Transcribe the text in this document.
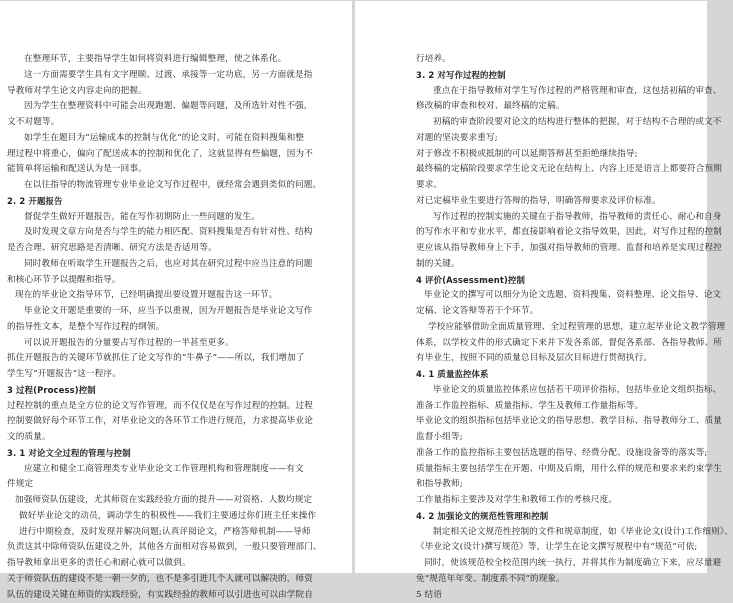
在整理环节，主要指导学生如何将资料进行编辑整理，使之体系化。
这一方面需要学生具有文字理顺、过渡、承接等一定功底，另一方面就是指
导教师对学生论文内容走向的把握。
因为学生在整理资料中可能会出现跑题、偏题等问题，及所选针对性不强，
文不对题等。
如学生在题目为“运输成本的控制与优化”的论文时，可能在资料搜集和整
理过程中将重心，偏向了配送成本的控制和优化了，这就显得有些偏题，因为不
能简单将运输和配送认为是一回事。
在以往指导的物流管理专业毕业论文写作过程中，就经常会遇到类似的问题。
2. 2 开题报告
督促学生做好开题报告，能在写作初期防止一些问题的发生。
及时发现文章方向是否与学生的能力相匹配、资料搜集是否有针对性、结构
是否合理、研究思路是否清晰、研究方法是否适用等。
同时教师在听取学生开题报告之后，也应对其在研究过程中应当注意的问题
和核心环节予以提醒和指导。
现在的毕业论文指导环节，已经明确提出要设置开题报告这一环节。
毕业论文开题是重要的一环，应当予以重视，因为开题报告是毕业论文写作
的指导性文本，是整个写作过程的纲领。
可以说开题报告的分量要占写作过程的一半甚至更多。
抓住开题报告的关键环节就抓住了论文写作的“牛鼻子”——所以，我们增加了
学生写“开题报告”这一程序。
3 过程(Process)控制
过程控制的重点是全方位的论文写作管理，而不仅仅是在写作过程的控制。过程
控制要做好每个环节工作，对毕业论文的各环节工作进行规范，力求提高毕业论
文的质量。
3. 1 对论文全过程的管理与控制
应建立和健全工商管理类专业毕业论文工作管理机构和管理制度——有文
件规定
加强师资队伍建设，尤其师资在实践经验方面的提升——对资格、人数均规定
做好毕业论文的动员，调动学生的积极性——我们主要通过你们班主任来操作
进行中期检查，及时发现并解决问题;认真评阅论文，严格答辩机制——导师
负责这其中除师资队伍建设之外，其他各方面相对容易做到，一般只要管理部门、
指导教师拿出更多的责任心和耐心就可以做到。
关于师资队伍的建设不是一朝一夕的，也不是多引进几个人就可以解决的，师资
队伍的建设关键在师资的实践经验，有实践经验的教师可以引进也可以由学院自
行培养。
3. 2 对写作过程的控制
重点在于指导教师对学生写作过程的严格管理和审查，这包括初稿的审查、
修改稿的审查和校对、最终稿的定稿。
初稿的审查阶段要对论文的结构进行整体的把握，对于结构不合理的或文不
对题的坚决要求重写;
对于修改不积极或抵制的可以延期答辩甚至拒绝继续指导;
最终稿的定稿阶段要求学生论文无论在结构上、内容上还是语言上都要符合预期
要求。
对已定稿毕业生要进行答辩的指导，明确答辩要求及评价标准。
写作过程的控制实施的关键在于指导教师，指导教师的责任心、耐心和自身
的写作水平和专业水平，都直接影响着论文指导效果，因此，对写作过程的控制
更应该从指导教师身上下手，加强对指导教师的管理、监督和培养是实现过程控
制的关键。
4 评价(Assessment)控制
毕业论文的撰写可以细分为论文选题、资料搜集、资料整理、论文指导、论文
定稿、论文答辩等若干个环节。
学校应能够借助全面质量管理、全过程管理的思想，建立起毕业论文教学管理
体系，以学校文件的形式确定下来并下发各系部，督促各系部、各指导教师、所
有毕业生，按照不同的质量总目标及层次目标进行贯彻执行。
4. 1 质量监控体系
毕业论文的质量监控体系应包括若干项评价指标，包括毕业论文组织指标、
准备工作监控指标、质量指标、学生及教师工作量指标等。
毕业论文的组织指标包括毕业论文的指导思想、教学目标、指导教师分工、质量
监督小组等;
准备工作的监控指标主要包括选题的指导、经费分配、设施设备等的落实等;
质量指标主要包括学生在开题、中期及后期，用什么样的规范和要求来约束学生
和指导教师;
工作量指标主要涉及对学生和教师工作的考核尺度。
4. 2 加强论文的规范性管理和控制
制定相关论文规范性控制的文件和规章制度，如《毕业论文(设计)工作细则》、
《毕业论文(设计)撰写规范》等，让学生在论文撰写规程中有“规范”可依;
同时，使该规范校全校范围内统一执行，并将其作为制度确立下来，应尽量避
免“规范年年变、制度系不同”的现象。
5 结语
